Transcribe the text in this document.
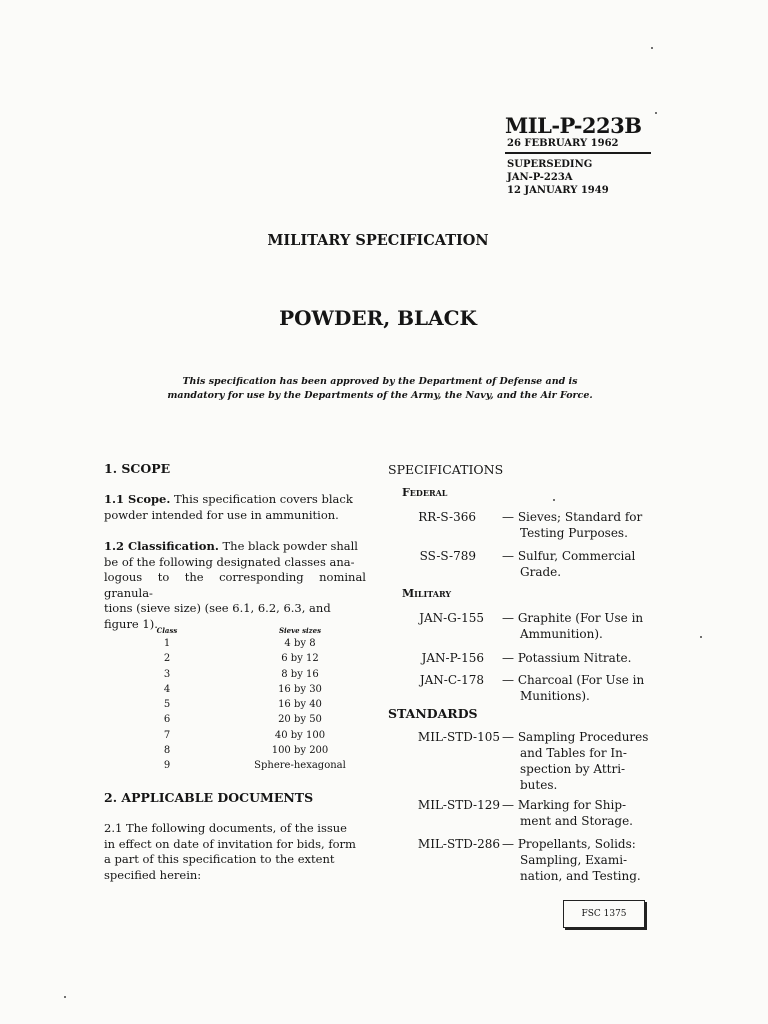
MIL-P-223B
26 FEBRUARY 1962
SUPERSEDING
JAN-P-223A
12 JANUARY 1949
MILITARY SPECIFICATION
POWDER, BLACK
This specification has been approved by the Department of Defense and is
mandatory for use by the Departments of the Army, the Navy, and the Air Force.
1. SCOPE
1.1 Scope. This specification covers black
powder intended for use in ammunition.
1.2 Classification. The black powder shall
be of the following designated classes ana-
logous to the corresponding nominal granula-
tions (sieve size) (see 6.1, 6.2, 6.3, and
figure 1).
Class	Sieve sizes
1	4 by 8
2	6 by 12
3	8 by 16
4	16 by 30
5	16 by 40
6	20 by 50
7	40 by 100
8	100 by 200
9	Sphere-hexagonal
2. APPLICABLE DOCUMENTS
2.1 The following documents, of the issue
in effect on date of invitation for bids, form
a part of this specification to the extent
specified herein:
SPECIFICATIONS
Federal
RR-S-366 — Sieves; Standard for
Testing Purposes.
SS-S-789 — Sulfur, Commercial
Grade.
Military
JAN-G-155 — Graphite (For Use in
Ammunition).
JAN-P-156 — Potassium Nitrate.
JAN-C-178 — Charcoal (For Use in
Munitions).
STANDARDS
MIL-STD-105 — Sampling Procedures
and Tables for In-
spection by Attri-
butes.
MIL-STD-129 — Marking for Ship-
ment and Storage.
MIL-STD-286 — Propellants, Solids:
Sampling, Exami-
nation, and Testing.
FSC 1375
